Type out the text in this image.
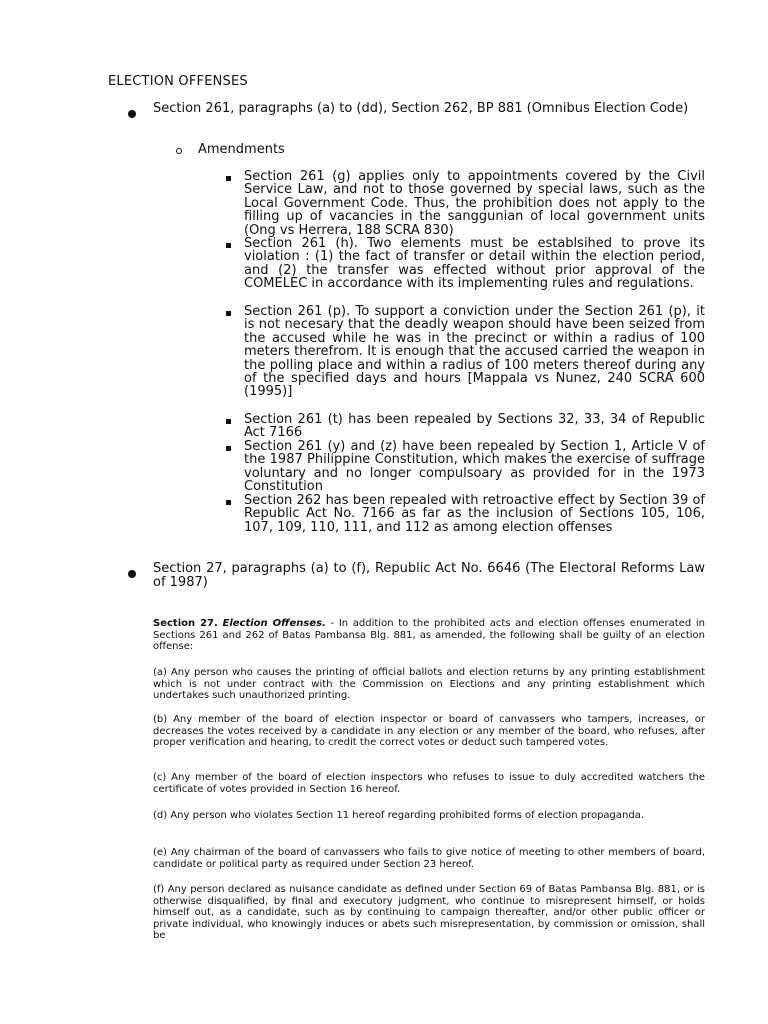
ELECTION OFFENSES
Section 261, paragraphs (a) to (dd), Section 262, BP 881 (Omnibus Election Code)
Amendments
Section 261 (g) applies only to appointments covered by the Civil Service Law, and not to those governed by special laws, such as the Local Government Code. Thus, the prohibition does not apply to the filling up of vacancies in the sanggunian of local government units (Ong vs Herrera, 188 SCRA 830)
Section 261 (h). Two elements must be establsihed to prove its violation : (1) the fact of transfer or detail within the election period, and (2) the transfer was effected without prior approval of the COMELEC in accordance with its implementing rules and regulations.
Section 261 (p). To support a conviction under the Section 261 (p), it is not necesary that the deadly weapon should have been seized from the accused while he was in the precinct or within a radius of 100 meters therefrom. It is enough that the accused carried the weapon in the polling place and within a radius of 100 meters thereof during any of the specified days and hours [Mappala vs Nunez, 240 SCRA 600 (1995)]
Section 261 (t) has been repealed by Sections 32, 33, 34 of Republic Act 7166
Section 261 (y) and (z) have been repealed by Section 1, Article V of the 1987 Philippine Constitution, which makes the exercise of suffrage voluntary and no longer compulsoary as provided for in the 1973 Constitution
Section 262 has been repealed with retroactive effect by Section 39 of Republic Act No. 7166 as far as the inclusion of Sections 105, 106, 107, 109, 110, 111, and 112 as among election offenses
Section 27, paragraphs (a) to (f), Republic Act No. 6646 (The Electoral Reforms Law of 1987)
Section 27. Election Offenses. - In addition to the prohibited acts and election offenses enumerated in Sections 261 and 262 of Batas Pambansa Blg. 881, as amended, the following shall be guilty of an election offense:
(a) Any person who causes the printing of official ballots and election returns by any printing establishment which is not under contract with the Commission on Elections and any printing establishment which undertakes such unauthorized printing.
(b) Any member of the board of election inspector or board of canvassers who tampers, increases, or decreases the votes received by a candidate in any election or any member of the board, who refuses, after proper verification and hearing, to credit the correct votes or deduct such tampered votes.
(c) Any member of the board of election inspectors who refuses to issue to duly accredited watchers the certificate of votes provided in Section 16 hereof.
(d) Any person who violates Section 11 hereof regarding prohibited forms of election propaganda.
(e) Any chairman of the board of canvassers who fails to give notice of meeting to other members of board, candidate or political party as required under Section 23 hereof.
(f) Any person declared as nuisance candidate as defined under Section 69 of Batas Pambansa Blg. 881, or is otherwise disqualified, by final and executory judgment, who continue to misrepresent himself, or holds himself out, as a candidate, such as by continuing to campaign thereafter, and/or other public officer or private individual, who knowingly induces or abets such misrepresentation, by commission or omission, shall be
